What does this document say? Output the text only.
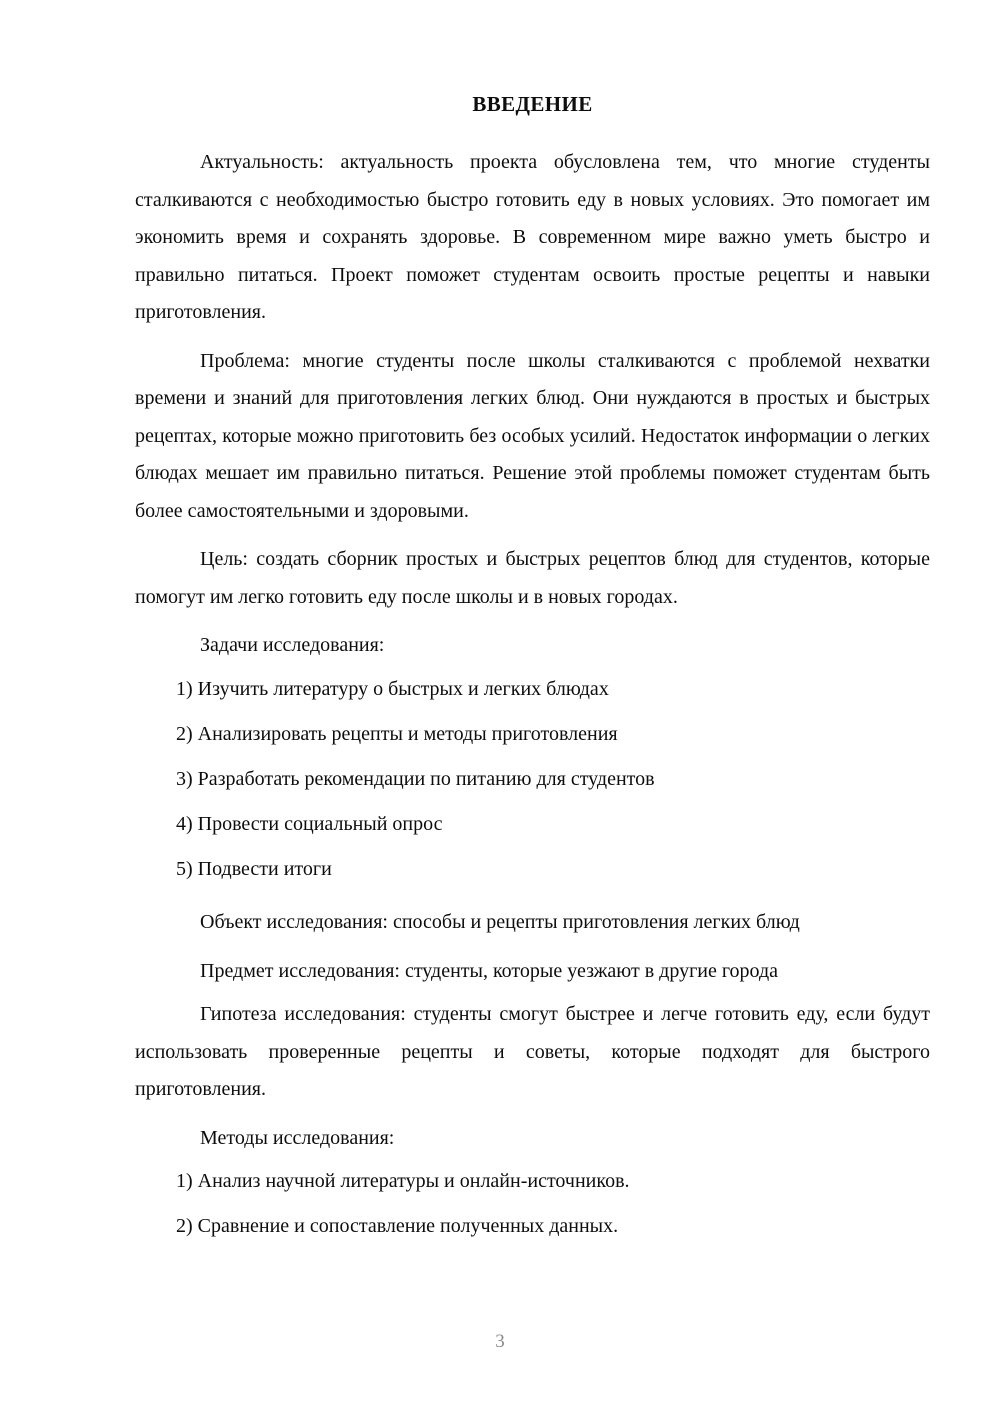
ВВЕДЕНИЕ

Актуальность: актуальность проекта обусловлена тем, что многие студенты сталкиваются с необходимостью быстро готовить еду в новых условиях. Это помогает им экономить время и сохранять здоровье. В современном мире важно уметь быстро и правильно питаться. Проект поможет студентам освоить простые рецепты и навыки приготовления.

Проблема: многие студенты после школы сталкиваются с проблемой нехватки времени и знаний для приготовления легких блюд. Они нуждаются в простых и быстрых рецептах, которые можно приготовить без особых усилий. Недостаток информации о легких блюдах мешает им правильно питаться. Решение этой проблемы поможет студентам быть более самостоятельными и здоровыми.

Цель: создать сборник простых и быстрых рецептов блюд для студентов, которые помогут им легко готовить еду после школы и в новых городах.

Задачи исследования:

1) Изучить литературу о быстрых и легких блюдах
2) Анализировать рецепты и методы приготовления
3) Разработать рекомендации по питанию для студентов
4) Провести социальный опрос
5) Подвести итоги

Объект исследования: способы и рецепты приготовления легких блюд

Предмет исследования: студенты, которые уезжают в другие города

Гипотеза исследования: студенты смогут быстрее и легче готовить еду, если будут использовать проверенные рецепты и советы, которые подходят для быстрого приготовления.

Методы исследования:

1) Анализ научной литературы и онлайн-источников.
2) Сравнение и сопоставление полученных данных.
3
